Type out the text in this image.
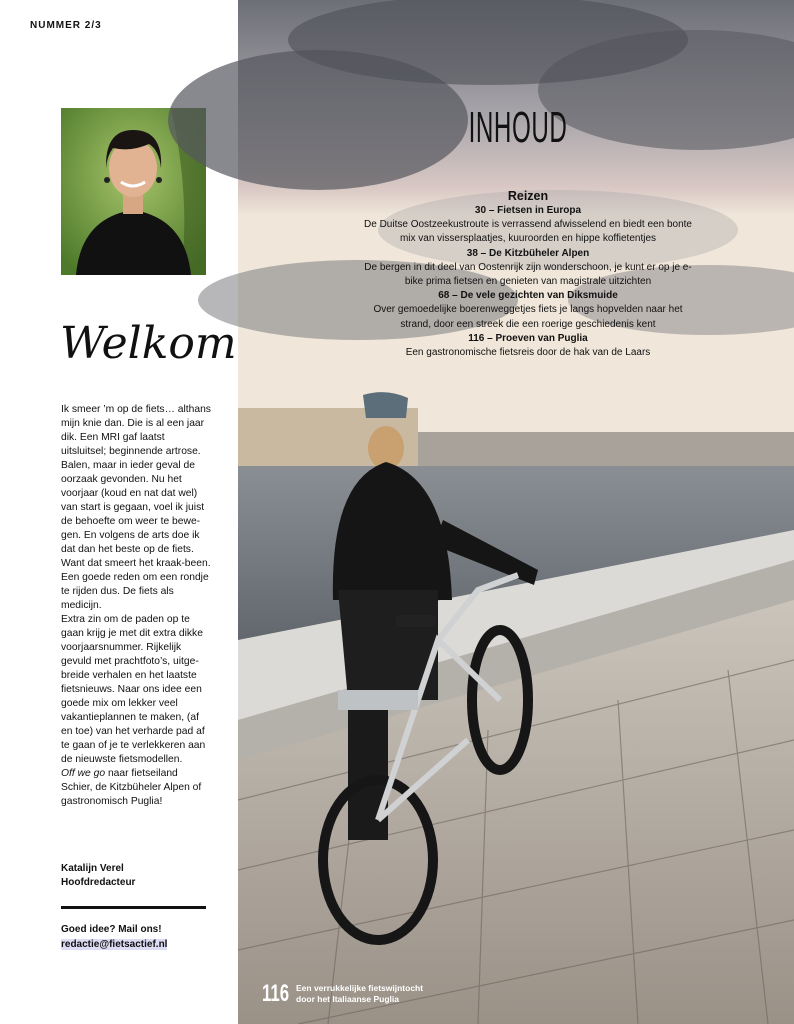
NUMMER 2/3
Welkom
Ik smeer ’m op de fiets… althans mijn knie dan. Die is al een jaar dik. Een MRI gaf laatst uitsluitsel; beginnende artrose. Balen, maar in ieder geval de oorzaak gevonden. Nu het voorjaar (koud en nat dat wel) van start is gegaan, voel ik juist de behoefte om weer te bewe-gen. En volgens de arts doe ik dat dan het beste op de fiets. Want dat smeert het kraak-been. Een goede reden om een rondje te rijden dus. De fiets als medicijn.
Extra zin om de paden op te gaan krijg je met dit extra dikke voorjaarsnummer. Rijkelijk gevuld met prachtfoto’s, uitge-breide verhalen en het laatste fietsnieuws. Naar ons idee een goede mix om lekker veel vakantieplannen te maken, (af en toe) van het verharde pad af te gaan of je te verlekkeren aan de nieuwste fietsmodellen.
Off we go naar fietseiland Schier, de Kitzbüheler Alpen of gastronomisch Puglia!
Katalijn Verel
Hoofdredacteur
Goed idee? Mail ons!
redactie@fietsactief.nl
INHOUD
Reizen
30 – Fietsen in Europa
De Duitse Oostzeekustroute is verrassend afwisselend en biedt een bonte mix van vissersplaatjes, kuuroorden en hippe koffietentjes
38 – De Kitzbüheler Alpen
De bergen in dit deel van Oostenrijk zijn wonderschoon, je kunt er op je e-bike prima fietsen en genieten van magistrale uitzichten
68 – De vele gezichten van Diksmuide
Over gemoedelijke boerenweggetjes fiets je langs hopvelden naar het strand, door een streek die een roerige geschiedenis kent
116 – Proeven van Puglia
Een gastronomische fietsreis door de hak van de Laars
116 Een verrukkelijke fietswijntocht
door het Italiaanse Puglia
